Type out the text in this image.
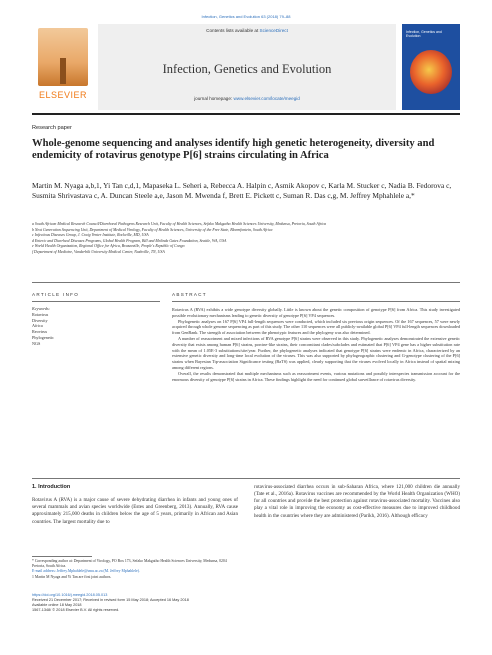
Infection, Genetics and Evolution 63 (2018) 79–88
ELSEVIER
Contents lists available at ScienceDirect
Infection, Genetics and Evolution
journal homepage: www.elsevier.com/locate/meegid
Infection, Genetics and Evolution
Research paper
Whole-genome sequencing and analyses identify high genetic heterogeneity, diversity and endemicity of rotavirus genotype P[6] strains circulating in Africa
Martin M. Nyaga a,b,1, Yi Tan c,d,1, Mapaseka L. Seheri a, Rebecca A. Halpin c, Asmik Akopov c, Karla M. Stucker c, Nadia B. Fedorova c, Susmita Shrivastava c, A. Duncan Steele a,e, Jason M. Mwenda f, Brett E. Pickett c, Suman R. Das c,g, M. Jeffrey Mphahlele a,*
a South African Medical Research Council/Diarrhoeal Pathogens Research Unit, Faculty of Health Sciences, Sefako Makgatho Health Sciences University, Medunsa, Pretoria, South Africa
b Next Generation Sequencing Unit, Department of Medical Virology, Faculty of Health Sciences, University of the Free State, Bloemfontein, South Africa
c Infectious Diseases Group, J. Craig Venter Institute, Rockville, MD, USA
d Enteric and Diarrheal Diseases Programs, Global Health Program, Bill and Melinda Gates Foundation, Seattle, WA, USA
e World Health Organization, Regional Office for Africa, Brazzaville, People's Republic of Congo
f Department of Medicine, Vanderbilt University Medical Center, Nashville, TN, USA
ARTICLE INFO	ABSTRACT
Keywords:
Rotavirus
Diversity
Africa
Reovirus
Phylogenetic
NGS

Rotavirus A (RVA) exhibits a wide genotype diversity globally. Little is known about the genetic composition of genotype P[6] from Africa. This study investigated possible evolutionary mechanisms leading to genetic diversity of genotype P[6] VP4 sequences.

Phylogenetic analyses on 167 P[6] VP4 full-length sequences were conducted, which included six previous origin sequences. Of the 167 sequences, 57 were newly acquired through whole genome sequencing as part of this study. The other 110 sequences were all publicly-available global P[6] VP4 full-length sequences downloaded from GenBank. The strength of association between the phenotypic features and the phylogeny was also determined.

A number of reassortment and mixed infections of RVA genotype P[6] strains were observed in this study. Phylogenetic analyses demonstrated the extensive genetic diversity that exists among human P[6] strains, porcine-like strains, their concomitant clades/subclades and estimated that P[6] VP4 gene has a higher substitution rate with the mean of 1.05E-3 substitutions/site/year. Further, the phylogenetic analyses indicated that genotype P[6] strains were endemic in Africa, characterized by an extensive genetic diversity and long-time local evolution of the viruses. This was also supported by phylogeographic clustering and G-genotype clustering of the P[6] strains when Bayesian Tip-association Significance testing (BaTS) was applied, clearly supporting that the viruses evolved locally in Africa instead of spatial mixing among different regions.

Overall, the results demonstrated that multiple mechanisms such as reassortment events, various mutations and possibly interspecies transmission account for the enormous diversity of genotype P[6] strains in Africa. These findings highlight the need for continued global surveillance of rotavirus diversity.

1. Introduction
Rotavirus A (RVA) is a major cause of severe dehydrating diarrhea in infants and young ones of several mammals and avian species worldwide (Estes and Greenberg, 2013). Annually, RVA cause approximately 215,000 deaths in children below the age of 5 years, primarily in African and Asian countries. The largest mortality due to
rotavirus-associated diarrhea occurs in sub-Saharan Africa, where 121,000 children die annually (Tate et al., 2016a). Rotavirus vaccines are recommended by the World Health Organization (WHO) for all countries and provide the best protection against rotavirus-associated mortality. Vaccines also play a vital role in improving the economy as cost-effective measures due to improved childhood health in the countries where they are administered (Parikh, 2016). Although efficacy
* Corresponding author at: Department of Virology, PO Box 173, Sefako Makgatho Health Sciences University, Medunsa, 0204 Pretoria, South Africa.
E-mail address: Jeffrey.Mphahlele@smu.ac.za (M. Jeffrey Mphahlele).
1 Martin M Nyaga and Yi Tan are first joint authors.
https://doi.org/10.1016/j.meegid.2018.05.013
Received 21 December 2017; Received in revised form 15 May 2018; Accepted 16 May 2018
Available online 18 May 2018
1567-1348/ © 2018 Elsevier B.V. All rights reserved.
